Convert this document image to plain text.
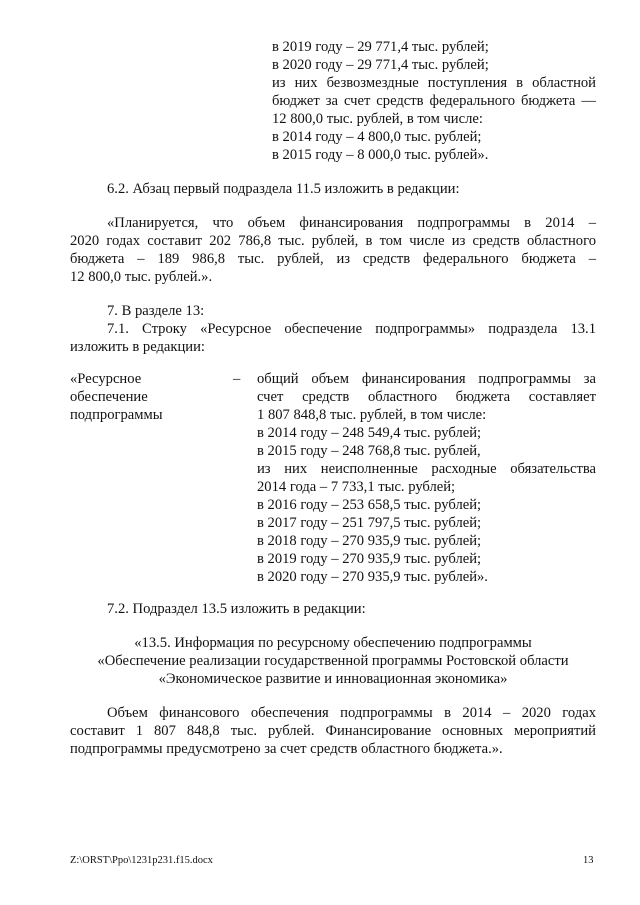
в 2019 году – 29 771,4 тыс. рублей;
в 2020 году – 29 771,4 тыс. рублей;
из них безвозмездные поступления в областной
бюджет за счет средств федерального бюджета —
12 800,0 тыс. рублей, в том числе:
в 2014 году – 4 800,0 тыс. рублей;
в 2015 году – 8 000,0 тыс. рублей».
6.2. Абзац первый подраздела 11.5 изложить в редакции:
«Планируется, что объем финансирования подпрограммы в 2014 –
2020 годах составит 202 786,8 тыс. рублей, в том числе из средств областного
бюджета – 189 986,8 тыс. рублей, из средств федерального бюджета –
12 800,0 тыс. рублей.».
7. В разделе 13:
7.1. Строку «Ресурсное обеспечение подпрограммы» подраздела 13.1
изложить в редакции:
«Ресурсное
обеспечение
подпрограммы
– общий объем финансирования подпрограммы за
счет средств областного бюджета составляет
1 807 848,8 тыс. рублей, в том числе:
в 2014 году – 248 549,4 тыс. рублей;
в 2015 году – 248 768,8 тыс. рублей,
из них неисполненные расходные обязательства
2014 года – 7 733,1 тыс. рублей;
в 2016 году – 253 658,5 тыс. рублей;
в 2017 году – 251 797,5 тыс. рублей;
в 2018 году – 270 935,9 тыс. рублей;
в 2019 году – 270 935,9 тыс. рублей;
в 2020 году – 270 935,9 тыс. рублей».
7.2. Подраздел 13.5 изложить в редакции:
«13.5. Информация по ресурсному обеспечению подпрограммы
«Обеспечение реализации государственной программы Ростовской области
«Экономическое развитие и инновационная экономика»
Объем финансового обеспечения подпрограммы в 2014 – 2020 годах
составит 1 807 848,8 тыс. рублей. Финансирование основных мероприятий
подпрограммы предусмотрено за счет средств областного бюджета.».
Z:\ORST\Ppo\1231p231.f15.docx	13
